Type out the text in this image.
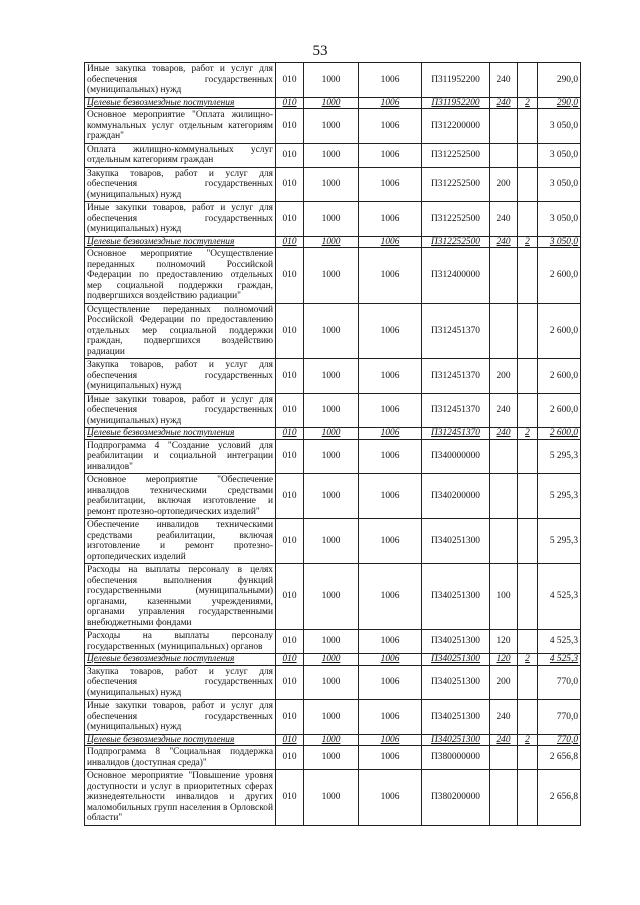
53
Иные закупка товаров, работ и услуг для обеспечения государственных (муниципальных) нужд	010	1000	1006	П311952200	240		290,0
Целевые безвозмездные поступления	010	1000	1006	П311952200	240	2	290,0
Основное мероприятие "Оплата жилищно-коммунальных услуг отдельным категориям граждан"	010	1000	1006	П312200000			3 050,0
Оплата жилищно-коммунальных услуг отдельным категориям граждан	010	1000	1006	П312252500			3 050,0
Закупка товаров, работ и услуг для обеспечения государственных (муниципальных) нужд	010	1000	1006	П312252500	200		3 050,0
Иные закупки товаров, работ и услуг для обеспечения государственных (муниципальных) нужд	010	1000	1006	П312252500	240		3 050,0
Целевые безвозмездные поступления	010	1000	1006	П312252500	240	2	3 050,0
Основное мероприятие "Осуществление переданных полномочий Российской Федерации по предоставлению отдельных мер социальной поддержки граждан, подвергшихся воздействию радиации"	010	1000	1006	П312400000			2 600,0
Осуществление переданных полномочий Российской Федерации по предоставлению отдельных мер социальной поддержки граждан, подвергшихся воздействию радиации	010	1000	1006	П312451370			2 600,0
Закупка товаров, работ и услуг для обеспечения государственных (муниципальных) нужд	010	1000	1006	П312451370	200		2 600,0
Иные закупки товаров, работ и услуг для обеспечения государственных (муниципальных) нужд	010	1000	1006	П312451370	240		2 600,0
Целевые безвозмездные поступления	010	1000	1006	П312451370	240	2	2 600,0
Подпрограмма 4 "Создание условий для реабилитации и социальной интеграции инвалидов"	010	1000	1006	П340000000			5 295,3
Основное мероприятие "Обеспечение инвалидов техническими средствами реабилитации, включая изготовление и ремонт протезно-ортопедических изделий"	010	1000	1006	П340200000			5 295,3
Обеспечение инвалидов техническими средствами реабилитации, включая изготовление и ремонт протезно-ортопедических изделий	010	1000	1006	П340251300			5 295,3
Расходы на выплаты персоналу в целях обеспечения выполнения функций государственными (муниципальными) органами, казенными учреждениями, органами управления государственными внебюджетными фондами	010	1000	1006	П340251300	100		4 525,3
Расходы на выплаты персоналу государственных (муниципальных) органов	010	1000	1006	П340251300	120		4 525,3
Целевые безвозмездные поступления	010	1000	1006	П340251300	120	2	4 525,3
Закупка товаров, работ и услуг для обеспечения государственных (муниципальных) нужд	010	1000	1006	П340251300	200		770,0
Иные закупки товаров, работ и услуг для обеспечения государственных (муниципальных) нужд	010	1000	1006	П340251300	240		770,0
Целевые безвозмездные поступления	010	1000	1006	П340251300	240	2	770,0
Подпрограмма 8 "Социальная поддержка инвалидов (доступная среда)"	010	1000	1006	П380000000			2 656,8
Основное мероприятие "Повышение уровня доступности и услуг в приоритетных сферах жизнедеятельности инвалидов и других маломобильных групп населения в Орловской области"	010	1000	1006	П380200000			2 656,8
